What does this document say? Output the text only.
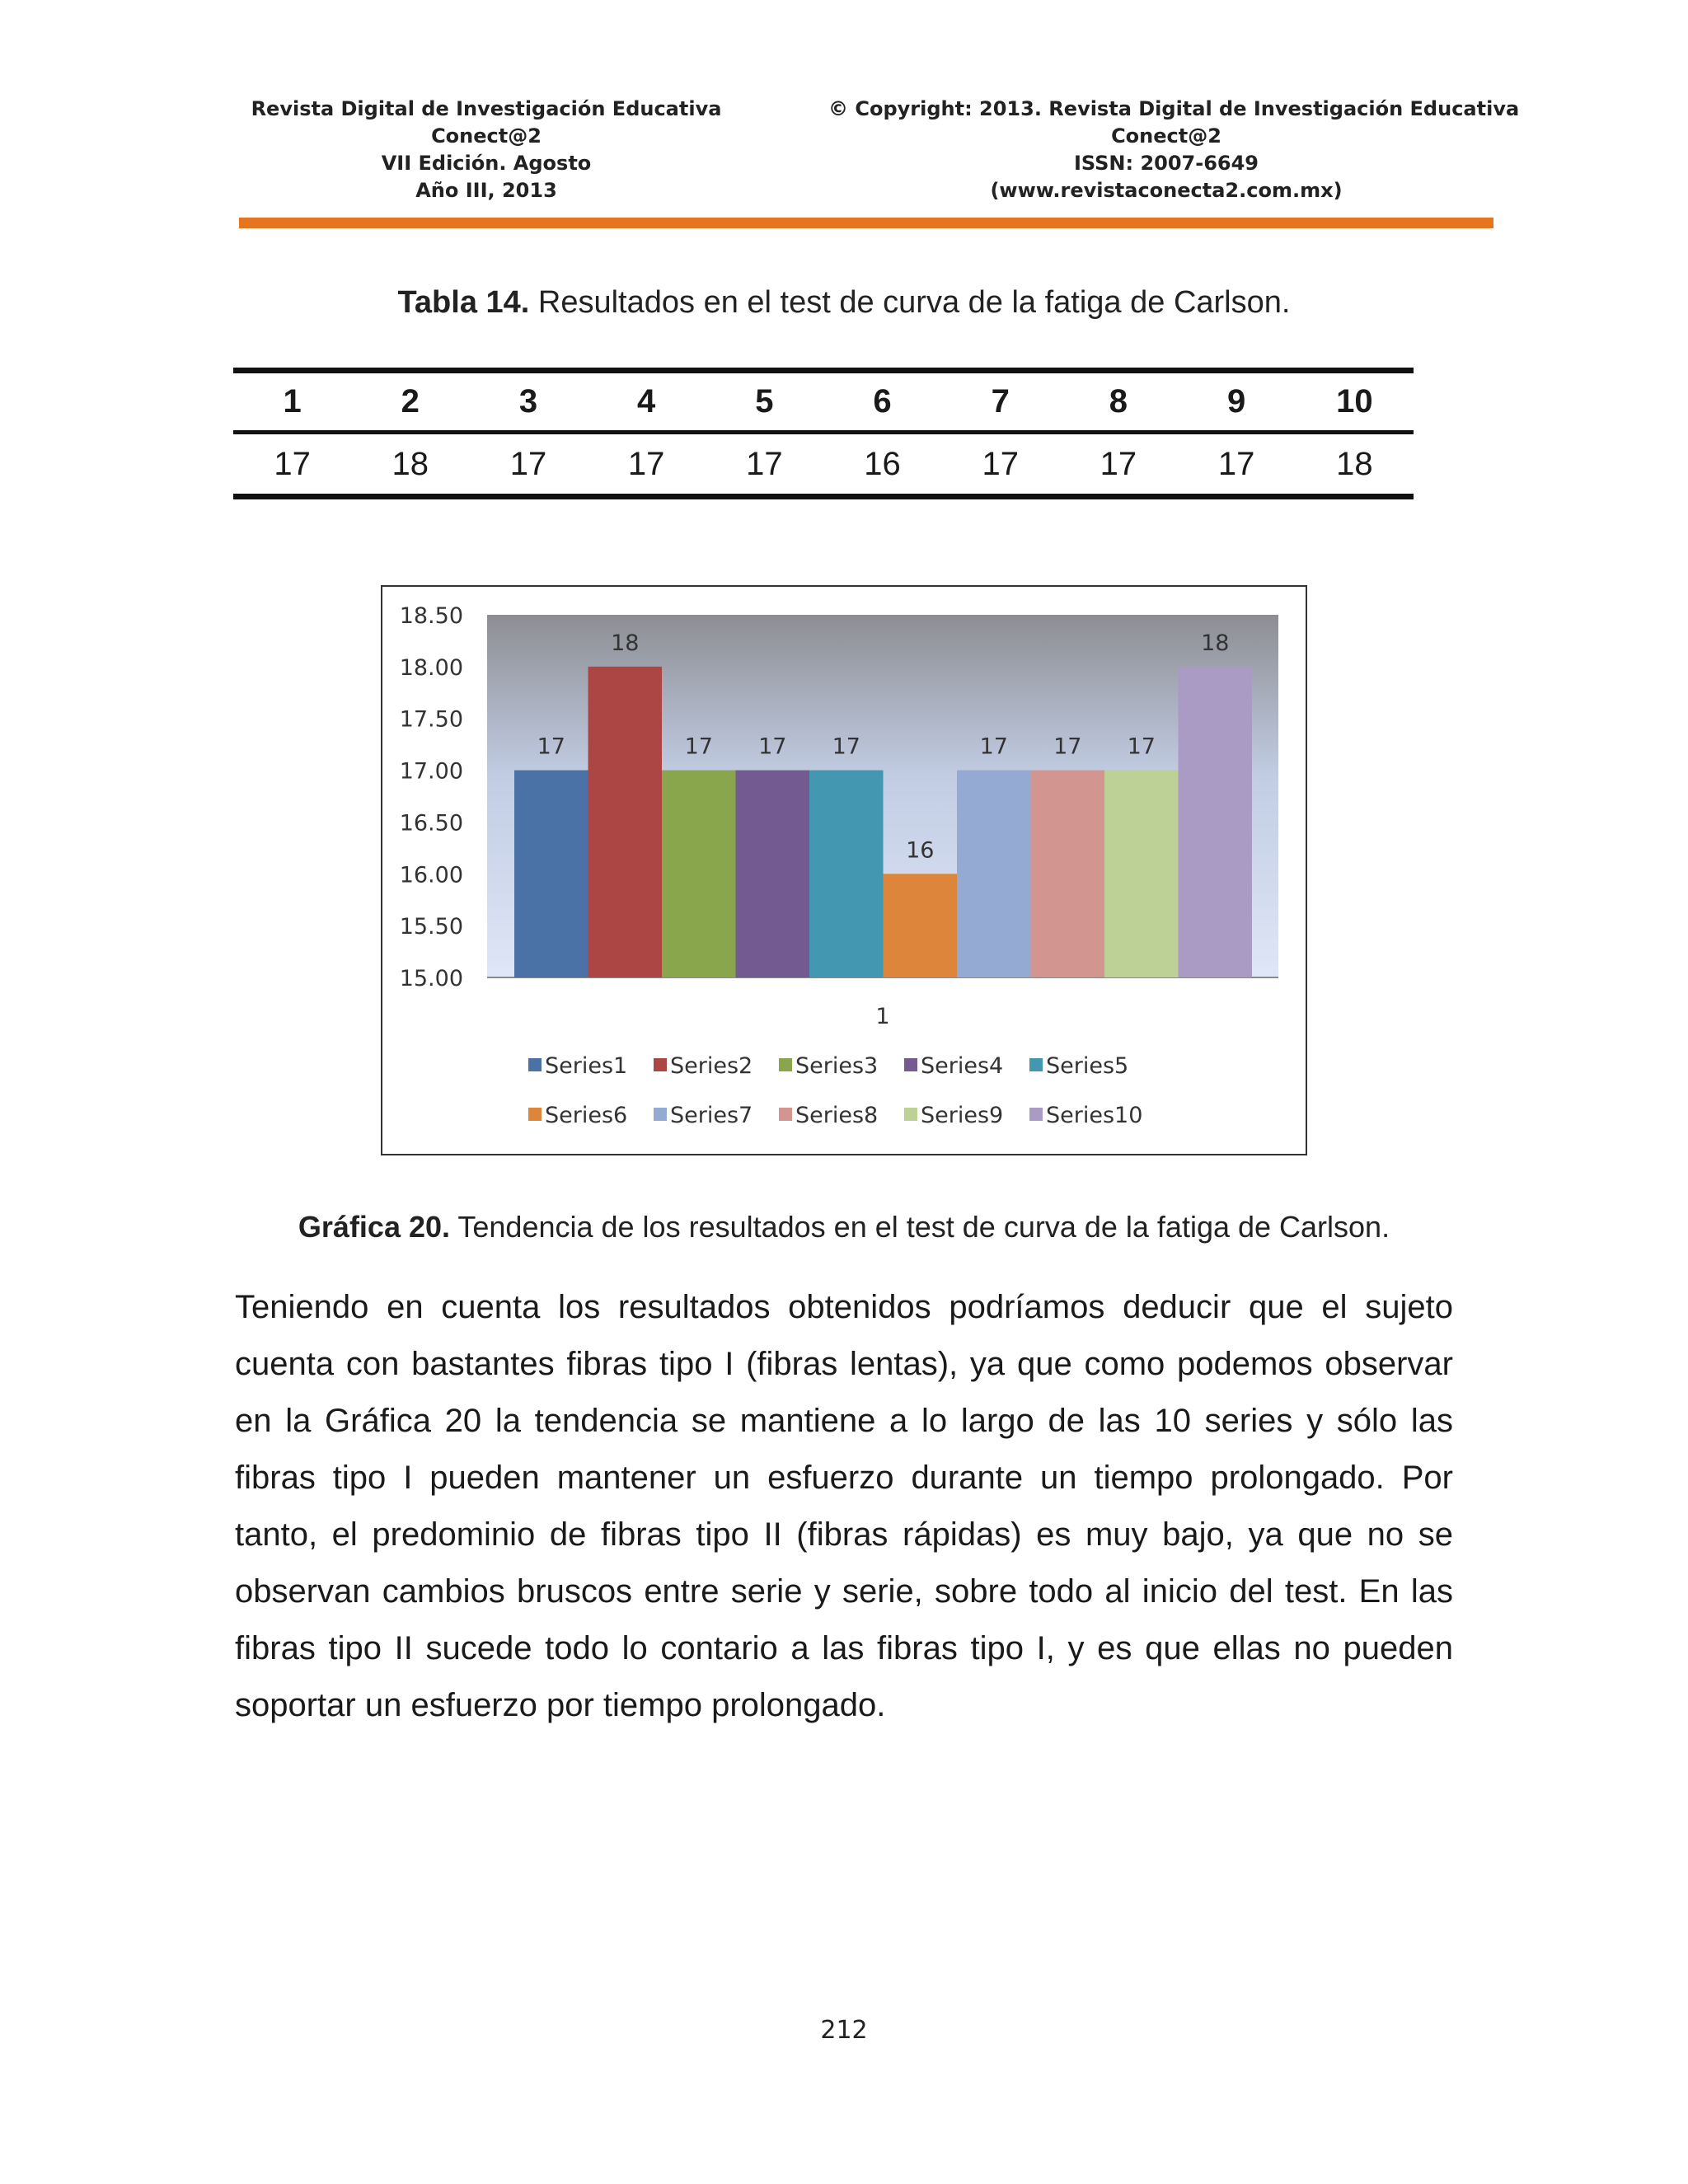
Revista Digital de Investigación Educativa
Conect@2
VII Edición. Agosto
Año III, 2013
© Copyright: 2013. Revista Digital de Investigación Educativa
Conect@2
ISSN: 2007-6649
(www.revistaconecta2.com.mx)
Tabla 14. Resultados en el test de curva de la fatiga de Carlson.
1	2	3	4	5	6	7	8	9	10
17	18	17	17	17	16	17	17	17	18
18.50
18.00
17.50
17.00
16.50
16.00
15.50
15.00
17
18
17 17 17
16
17 17 17
18
1
Series1 Series2 Series3 Series4 Series5
Series6 Series7 Series8 Series9 Series10
Gráfica 20. Tendencia de los resultados en el test de curva de la fatiga de Carlson.

Teniendo en cuenta los resultados obtenidos podríamos deducir que el sujeto cuenta con bastantes fibras tipo I (fibras lentas), ya que como podemos observar en la Gráfica 20 la tendencia se mantiene a lo largo de las 10 series y sólo las fibras tipo I pueden mantener un esfuerzo durante un tiempo prolongado. Por tanto, el predominio de fibras tipo II (fibras rápidas) es muy bajo, ya que no se observan cambios bruscos entre serie y serie, sobre todo al inicio del test. En las fibras tipo II sucede todo lo contario a las fibras tipo I, y es que ellas no pueden soportar un esfuerzo por tiempo prolongado.

212
